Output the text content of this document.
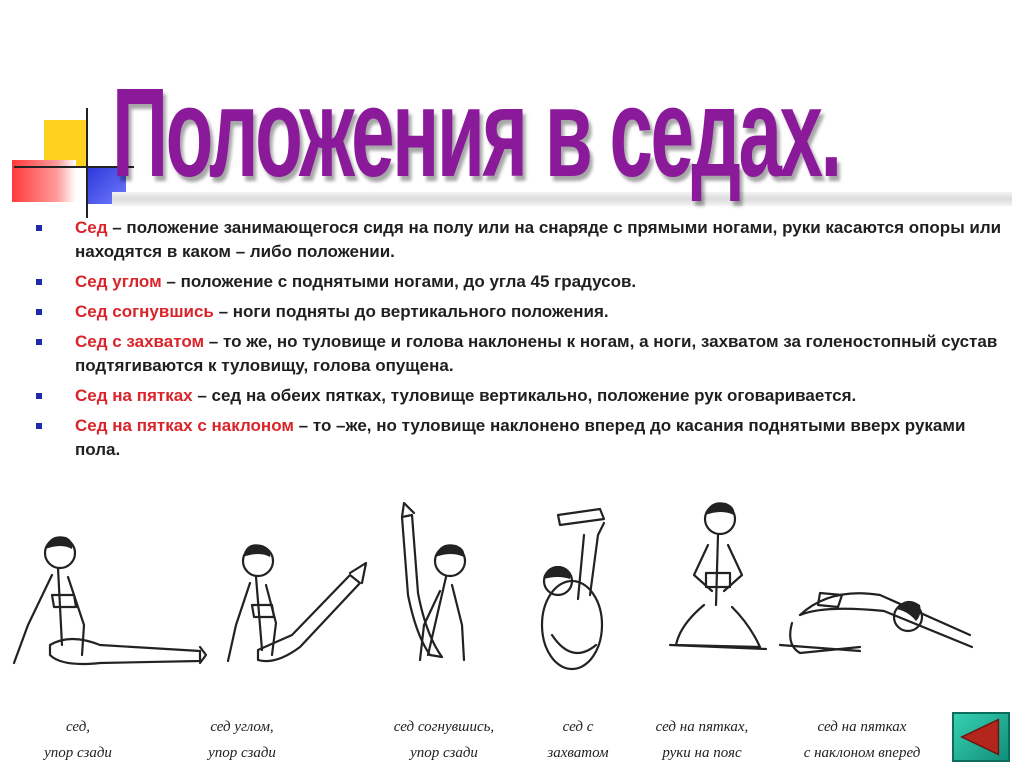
Положения в седах.
Сед – положение занимающегося сидя на полу или на снаряде с прямыми ногами, руки касаются опоры или находятся в каком – либо положении.
Сед углом – положение с поднятыми ногами, до угла 45 градусов.
Сед согнувшись – ноги подняты до вертикального положения.
Сед с захватом – то же, но туловище и голова наклонены к ногам, а ноги, захватом за голеностопный сустав подтягиваются к туловищу, голова опущена.
Сед на пятках – сед на обеих пятках, туловище вертикально, положение рук оговаривается.
Сед на пятках с наклоном – то –же, но туловище наклонено вперед до касания поднятыми вверх руками пола.
сед,
упор сзади
сед углом,
упор сзади
сед согнувшись,
упор сзади
сед с
захватом
сед на пятках,
руки на пояс
сед на пятках
с наклоном вперед
